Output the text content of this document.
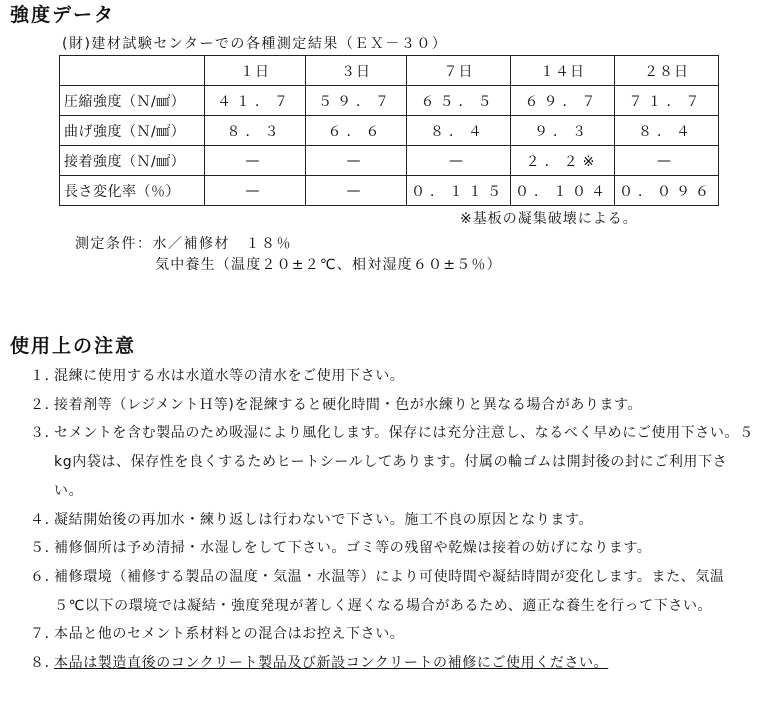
強度データ
(財)建材試験センターでの各種測定結果（ＥＸ－３０）
	１日	３日	７日	１４日	２８日
圧縮強度（Ｎ/㎟）	４１．７	５９．７	６５．５	６９．７	７１．７
曲げ強度（Ｎ/㎟）	８．３	６．６	８．４	９．３	８．４
接着強度（Ｎ/㎟）	—	—	—	２．２※	—
長さ変化率（％）	—	—	０．１１５	０．１０４	０．０９６
※基板の凝集破壊による。
測定条件：水／補修材　１８％
気中養生（温度２０±２℃、相対湿度６０±５％）
使用上の注意
１．
混練に使用する水は水道水等の清水をご使用下さい。
２．
接着剤等（レジメントＨ等)を混練すると硬化時間・色が水練りと異なる場合があります。
３．
セメントを含む製品のため吸湿により風化します。保存には充分注意し、なるべく早めにご使用下さい。５kg内袋は、保存性を良くするためヒートシールしてあります。付属の輪ゴムは開封後の封にご利用下さい。
４．
凝結開始後の再加水・練り返しは行わないで下さい。施工不良の原因となります。
５．
補修個所は予め清掃・水湿しをして下さい。ゴミ等の残留や乾燥は接着の妨げになります。
６．
補修環境（補修する製品の温度・気温・水温等）により可使時間や凝結時間が変化します。また、気温５℃以下の環境では凝結・強度発現が著しく遅くなる場合があるため、適正な養生を行って下さい。
７．
本品と他のセメント系材料との混合はお控え下さい。
８．
本品は製造直後のコンクリート製品及び新設コンクリートの補修にご使用ください。
